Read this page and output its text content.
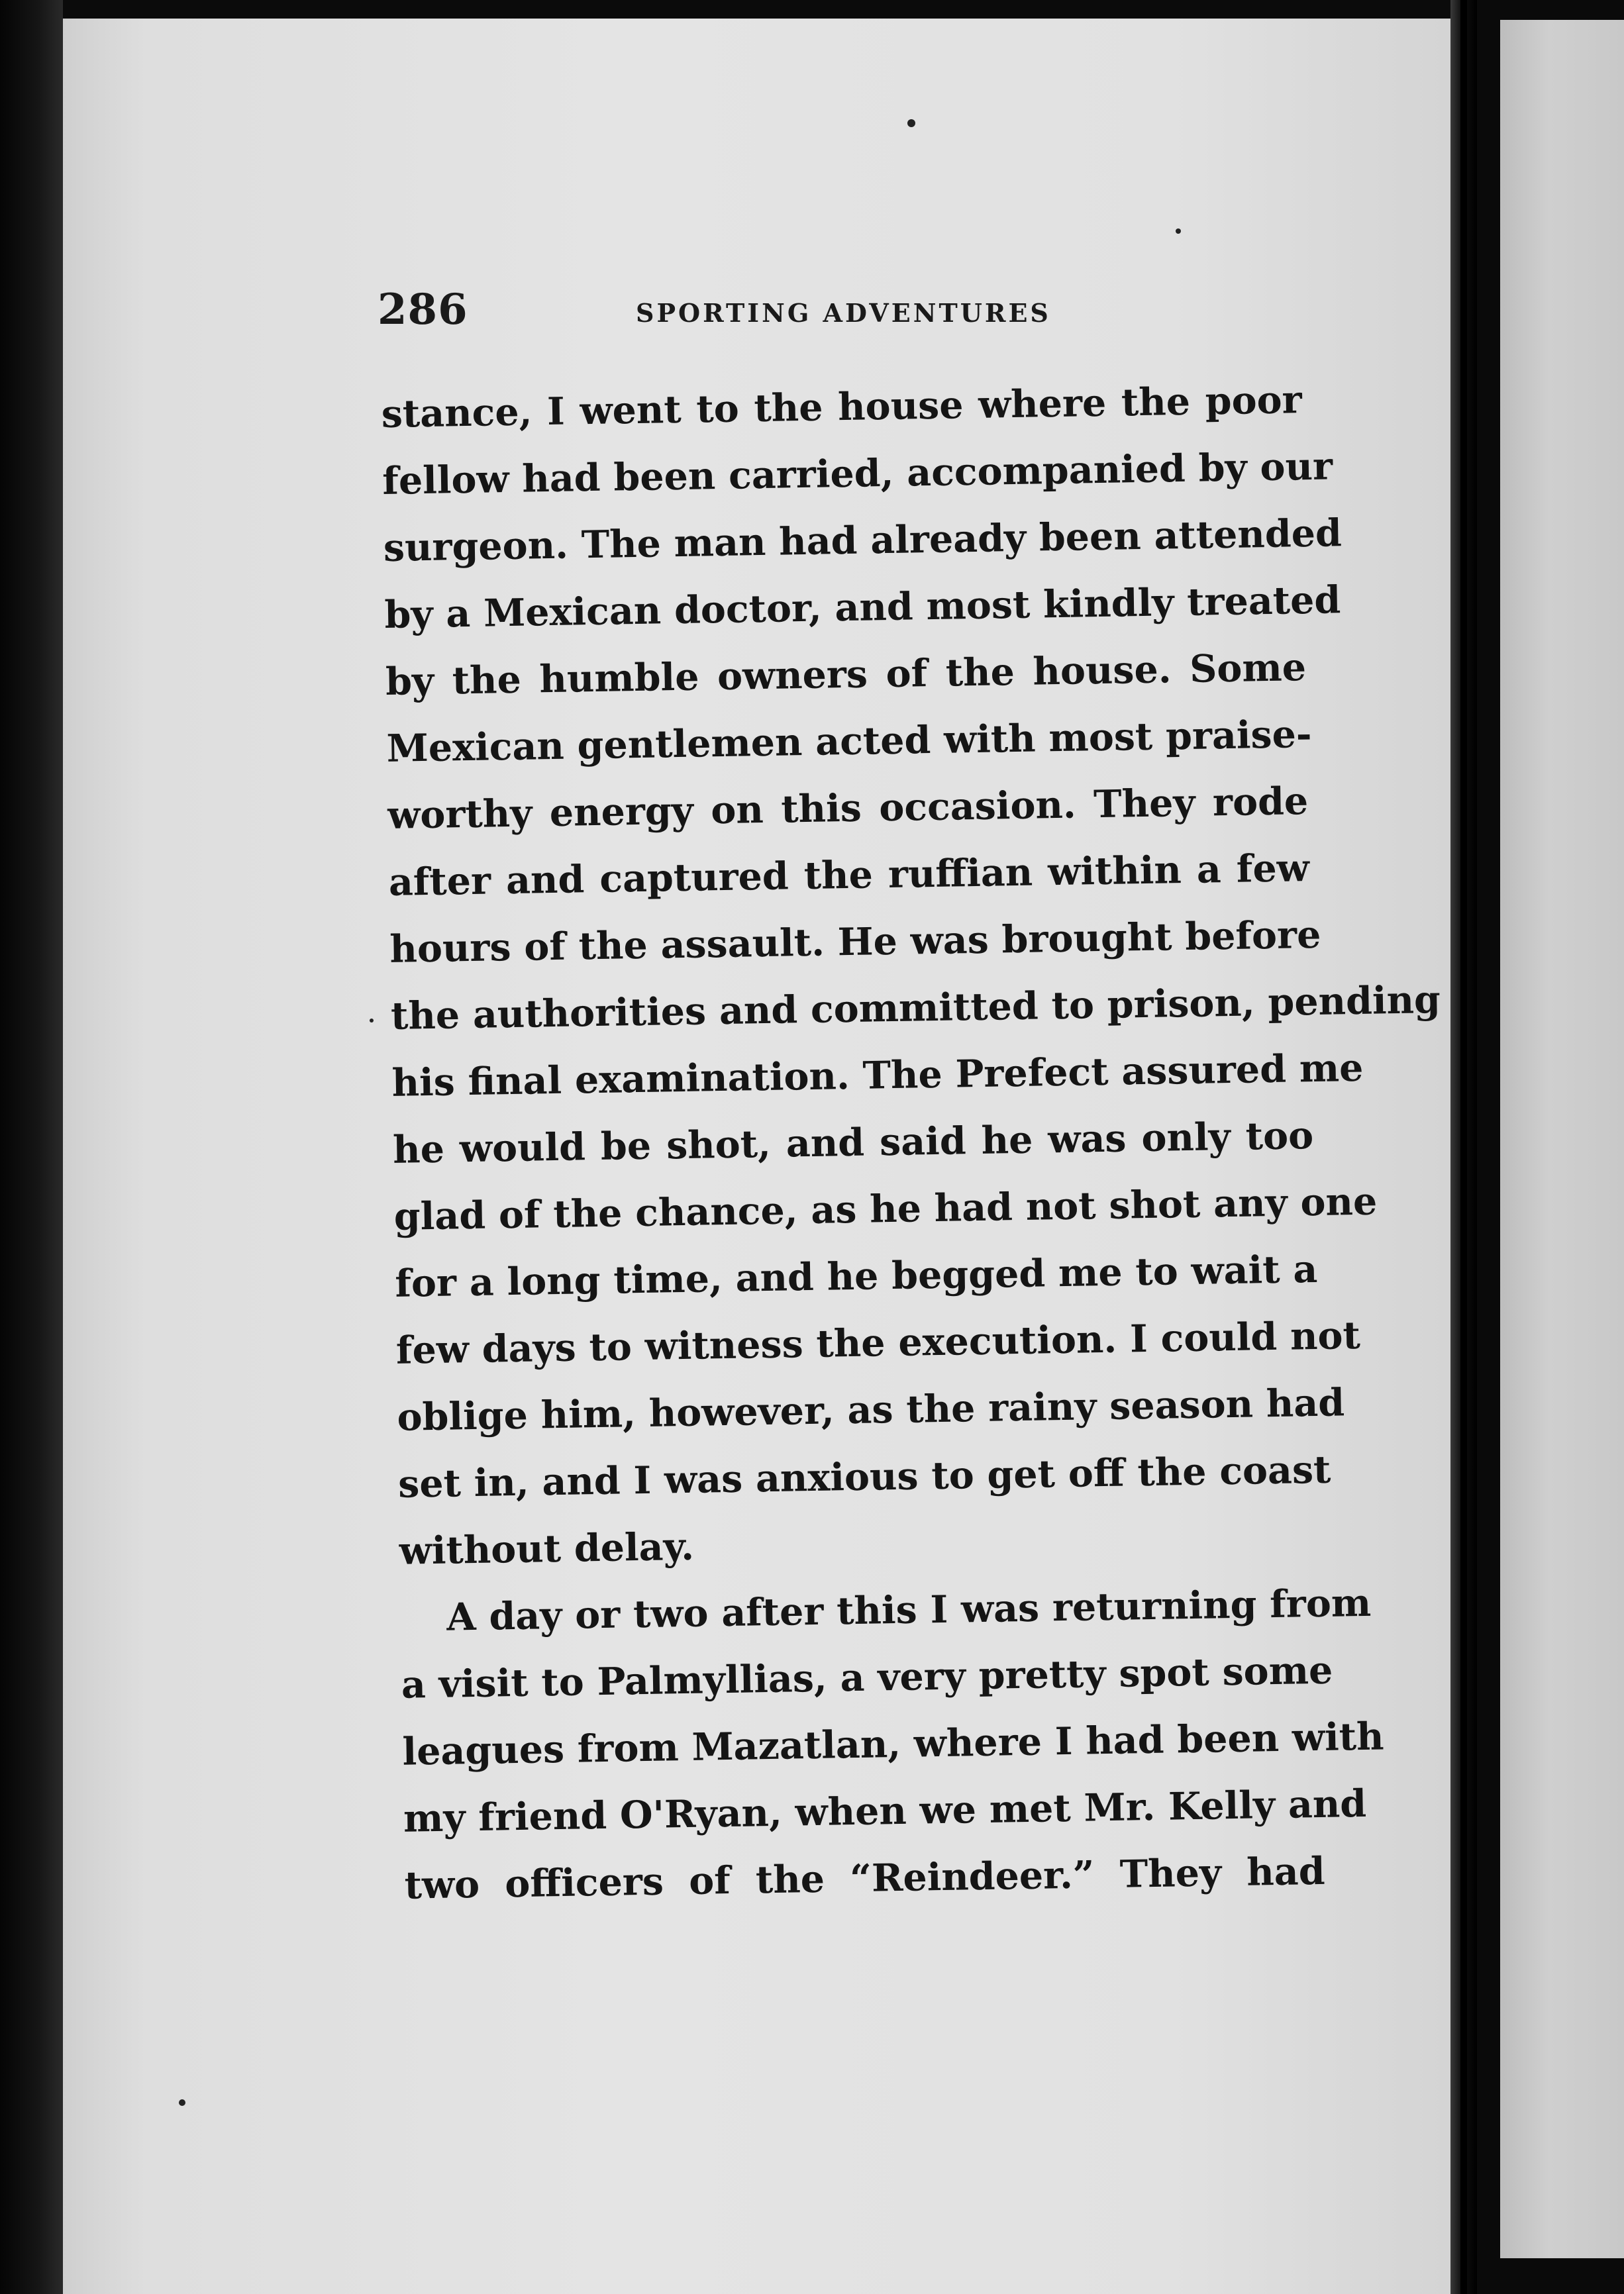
286	SPORTING ADVENTURES
stance, I went to the house where the poor
fellow had been carried, accompanied by our
surgeon. The man had already been attended
by a Mexican doctor, and most kindly treated
by the humble owners of the house. Some
Mexican gentlemen acted with most praise-
worthy energy on this occasion. They rode
after and captured the ruffian within a few
hours of the assault. He was brought before
the authorities and committed to prison, pending
his final examination. The Prefect assured me
he would be shot, and said he was only too
glad of the chance, as he had not shot any one
for a long time, and he begged me to wait a
few days to witness the execution. I could not
oblige him, however, as the rainy season had
set in, and I was anxious to get off the coast
without delay.
A day or two after this I was returning from
a visit to Palmyllias, a very pretty spot some
leagues from Mazatlan, where I had been with
my friend O'Ryan, when we met Mr. Kelly and
two officers of the “Reindeer.” They had
